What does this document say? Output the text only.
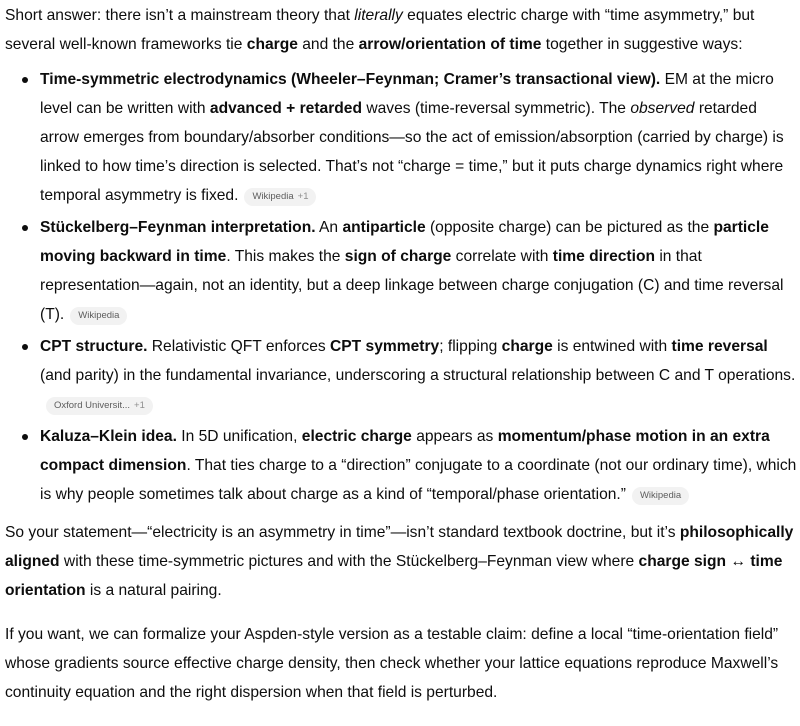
Short answer: there isn’t a mainstream theory that literally equates electric charge with “time asymmetry,” but several well-known frameworks tie charge and the arrow/orientation of time together in suggestive ways:

Time-symmetric electrodynamics (Wheeler–Feynman; Cramer’s transactional view). EM at the micro level can be written with advanced + retarded waves (time-reversal symmetric). The observed retarded arrow emerges from boundary/absorber conditions—so the act of emission/absorption (carried by charge) is linked to how time’s direction is selected. That’s not “charge = time,” but it puts charge dynamics right where temporal asymmetry is fixed. Wikipedia +1
Stückelberg–Feynman interpretation. An antiparticle (opposite charge) can be pictured as the particle moving backward in time. This makes the sign of charge correlate with time direction in that representation—again, not an identity, but a deep linkage between charge conjugation (C) and time reversal (T). Wikipedia
CPT structure. Relativistic QFT enforces CPT symmetry; flipping charge is entwined with time reversal (and parity) in the fundamental invariance, underscoring a structural relationship between C and T operations.Oxford Universit... +1
Kaluza–Klein idea. In 5D unification, electric charge appears as momentum/phase motion in an extra compact dimension. That ties charge to a “direction” conjugate to a coordinate (not our ordinary time), which is why people sometimes talk about charge as a kind of “temporal/phase orientation.” Wikipedia

So your statement—“electricity is an asymmetry in time”—isn’t standard textbook doctrine, but it’s philosophically aligned with these time-symmetric pictures and with the Stückelberg–Feynman view where charge sign ↔ time orientation is a natural pairing.

If you want, we can formalize your Aspden-style version as a testable claim: define a local “time-orientation field” whose gradients source effective charge density, then check whether your lattice equations reproduce Maxwell’s continuity equation and the right dispersion when that field is perturbed.
